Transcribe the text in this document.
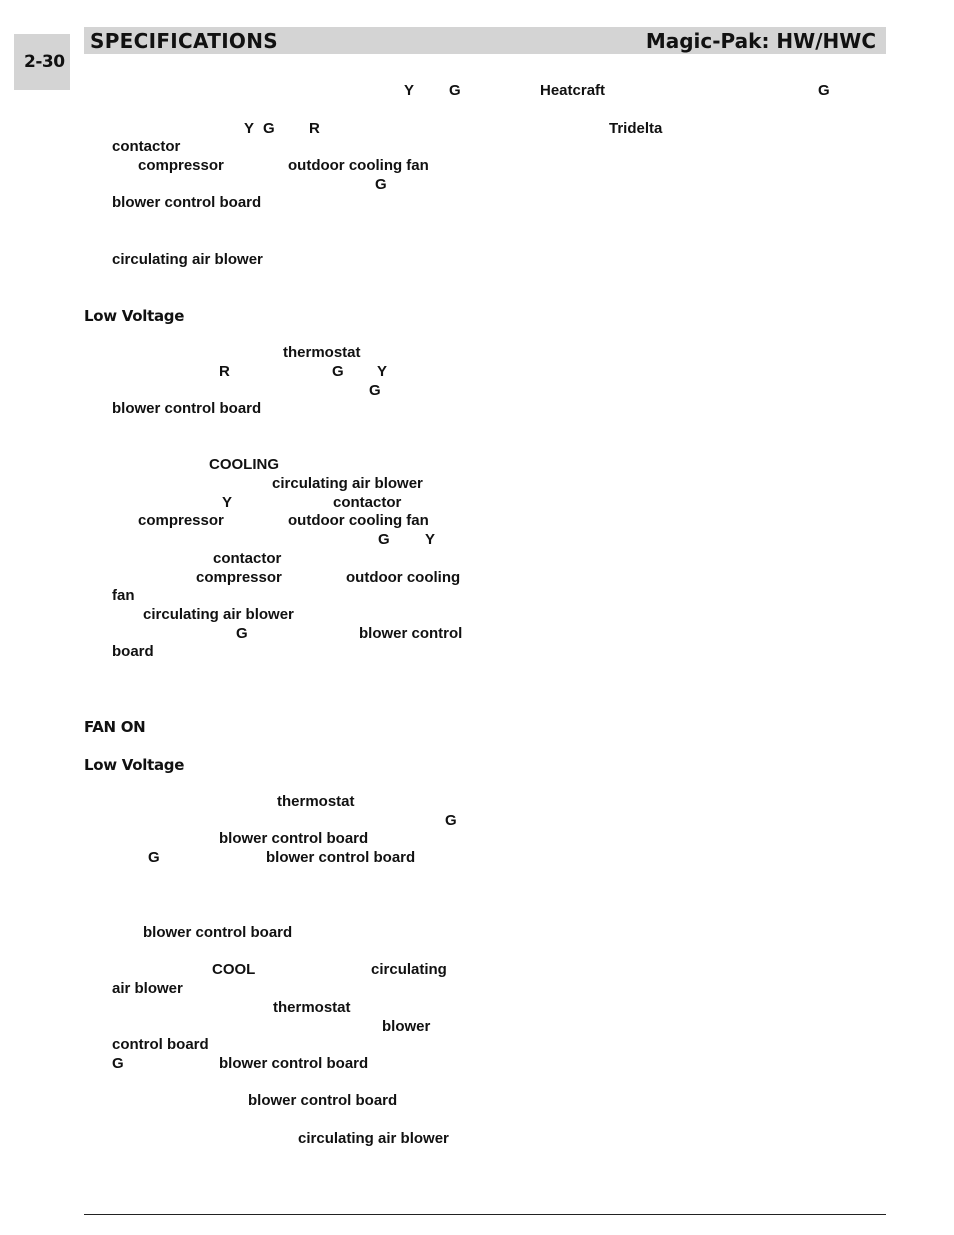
2-30
SPECIFICATIONS	Magic-Pak: HW/HWC
Y G	Heatcraft	G
Y G R	Tridelta
contactor
compressor	outdoor cooling fan
G
blower control board
circulating air blower
Low Voltage
thermostat
R	G Y
G
blower control board
COOLING
circulating air blower
Y	contactor
compressor	outdoor cooling fan
G Y
contactor
compressor	outdoor cooling
fan
circulating air blower
G	blower control
board
FAN ON
Low Voltage
thermostat
G
blower control board
G	blower control board
blower control board
COOL	circulating
air blower
thermostat
blower
control board
G	blower control board
blower control board
circulating air blower
